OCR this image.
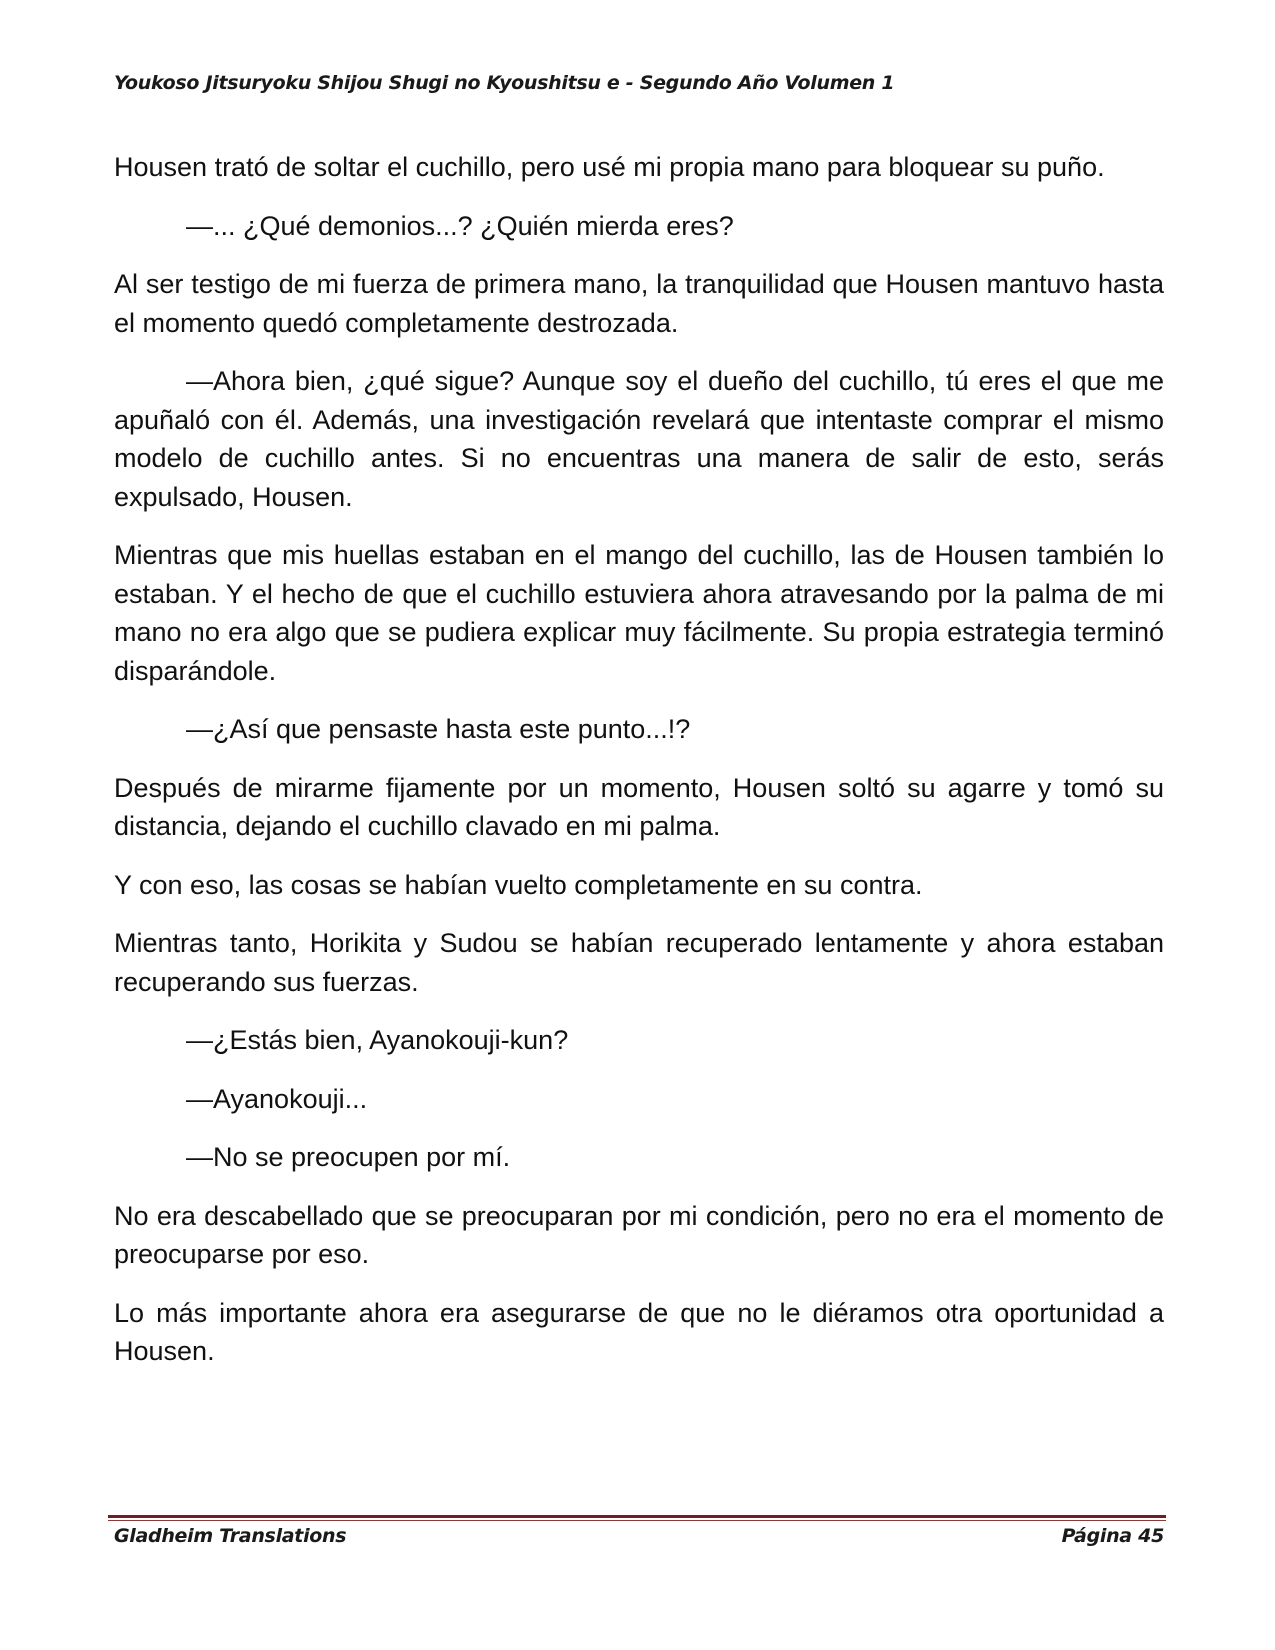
Youkoso Jitsuryoku Shijou Shugi no Kyoushitsu e - Segundo Año Volumen 1

Housen trató de soltar el cuchillo, pero usé mi propia mano para bloquear su puño.

—... ¿Qué demonios...? ¿Quién mierda eres?

Al ser testigo de mi fuerza de primera mano, la tranquilidad que Housen mantuvo hasta el momento quedó completamente destrozada.

—Ahora bien, ¿qué sigue? Aunque soy el dueño del cuchillo, tú eres el que me apuñaló con él. Además, una investigación revelará que intentaste comprar el mismo modelo de cuchillo antes. Si no encuentras una manera de salir de esto, serás expulsado, Housen.

Mientras que mis huellas estaban en el mango del cuchillo, las de Housen también lo estaban. Y el hecho de que el cuchillo estuviera ahora atravesando por la palma de mi mano no era algo que se pudiera explicar muy fácilmente. Su propia estrategia terminó disparándole.

—¿Así que pensaste hasta este punto...!?

Después de mirarme fijamente por un momento, Housen soltó su agarre y tomó su distancia, dejando el cuchillo clavado en mi palma.

Y con eso, las cosas se habían vuelto completamente en su contra.

Mientras tanto, Horikita y Sudou se habían recuperado lentamente y ahora estaban recuperando sus fuerzas.

—¿Estás bien, Ayanokouji-kun?

—Ayanokouji...

—No se preocupen por mí.

No era descabellado que se preocuparan por mi condición, pero no era el momento de preocuparse por eso.

Lo más importante ahora era asegurarse de que no le diéramos otra oportunidad a Housen.

Gladheim Translations	Página 45
